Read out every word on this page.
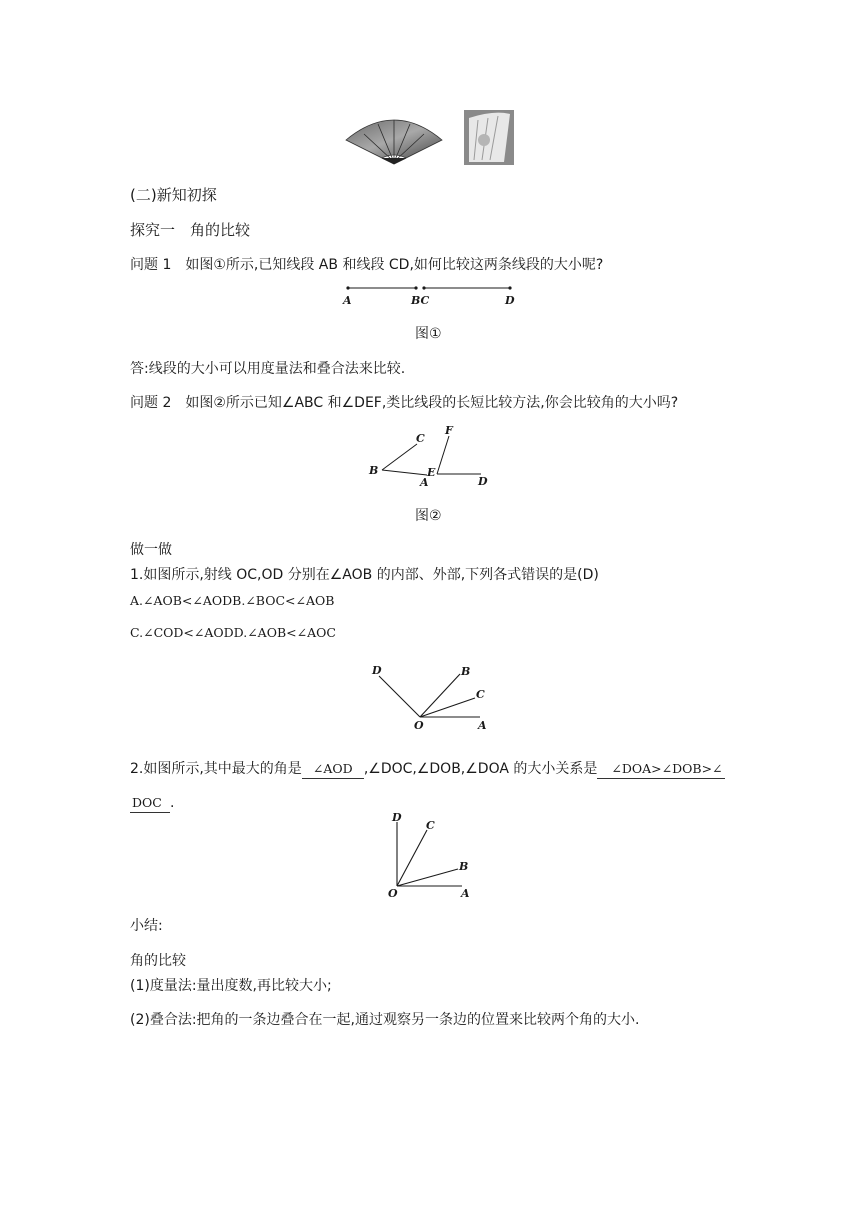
(二)新知初探
探究一　角的比较
问题 1　 如图①所示,已知线段 AB 和线段 CD,如何比较这两条线段的大小呢?
A	BC	D
图①
答:线段的大小可以用度量法和叠合法来比较.
问题 2　 如图②所示已知∠ABC 和∠DEF,类比线段的长短比较方法,你会比较角的大小吗?
C
B
A
F
E
D
图②
做一做
1.如图所示,射线 OC,OD 分别在∠AOB 的内部、外部,下列各式错误的是(D)
A.∠AOB<∠AODB.∠BOC<∠AOB
C.∠COD<∠AODD.∠AOB<∠AOC
D	B
C
O	A
2.如图所示,其中最大的角是 ∠AOD ,∠DOC,∠DOB,∠DOA 的大小关系是 ∠DOA>∠DOB>∠
DOC .
D
C
B
O	A
小结:
角的比较
(1)度量法:量出度数,再比较大小;
(2)叠合法:把角的一条边叠合在一起,通过观察另一条边的位置来比较两个角的大小.
